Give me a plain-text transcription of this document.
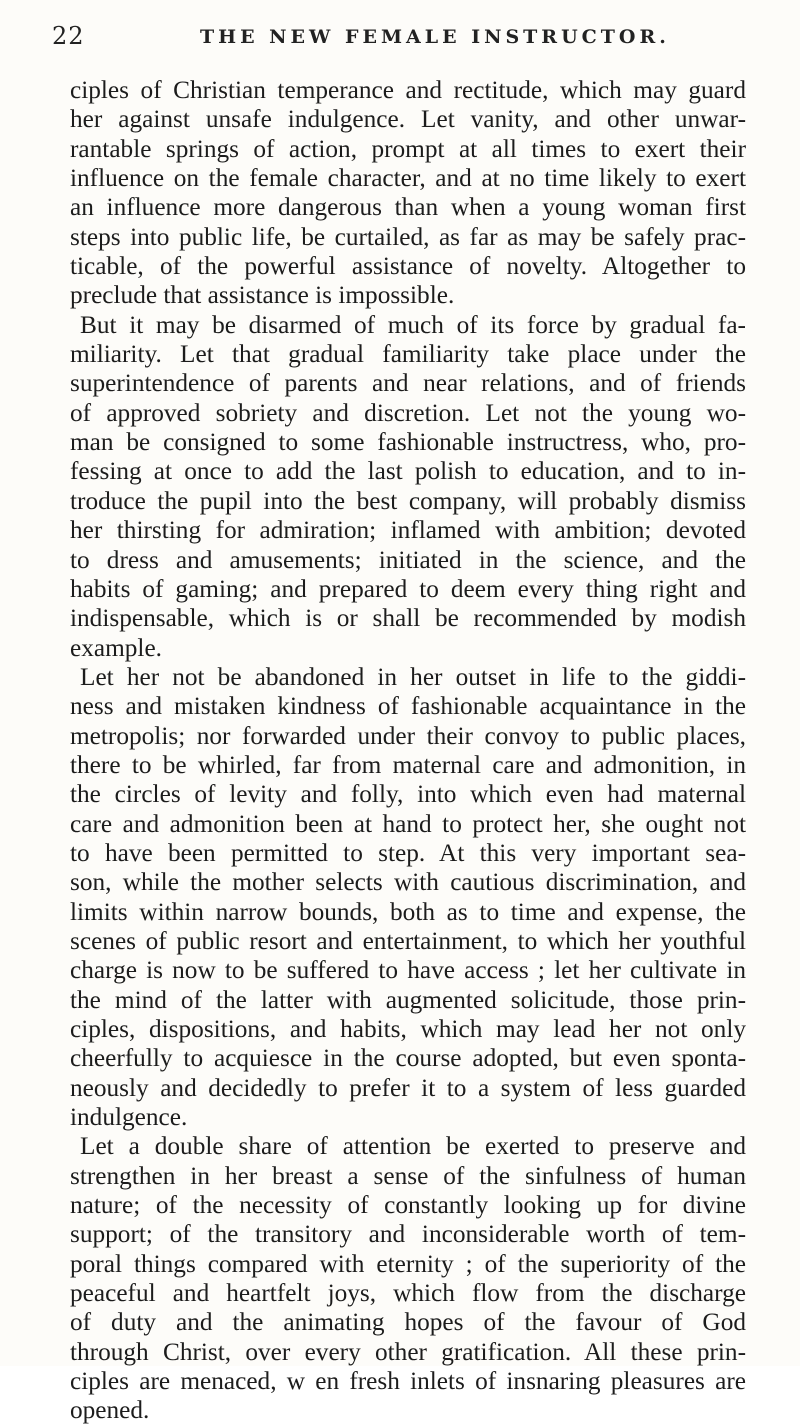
22	THE NEW FEMALE INSTRUCTOR.
ciples of Christian temperance and rectitude, which may guard
her against unsafe indulgence. Let vanity, and other unwar-
rantable springs of action, prompt at all times to exert their
influence on the female character, and at no time likely to exert
an influence more dangerous than when a young woman first
steps into public life, be curtailed, as far as may be safely prac-
ticable, of the powerful assistance of novelty. Altogether to
preclude that assistance is impossible.
But it may be disarmed of much of its force by gradual fa-
miliarity. Let that gradual familiarity take place under the
superintendence of parents and near relations, and of friends
of approved sobriety and discretion. Let not the young wo-
man be consigned to some fashionable instructress, who, pro-
fessing at once to add the last polish to education, and to in-
troduce the pupil into the best company, will probably dismiss
her thirsting for admiration; inflamed with ambition; devoted
to dress and amusements; initiated in the science, and the
habits of gaming; and prepared to deem every thing right and
indispensable, which is or shall be recommended by modish
example.
Let her not be abandoned in her outset in life to the giddi-
ness and mistaken kindness of fashionable acquaintance in the
metropolis; nor forwarded under their convoy to public places,
there to be whirled, far from maternal care and admonition, in
the circles of levity and folly, into which even had maternal
care and admonition been at hand to protect her, she ought not
to have been permitted to step. At this very important sea-
son, while the mother selects with cautious discrimination, and
limits within narrow bounds, both as to time and expense, the
scenes of public resort and entertainment, to which her youthful
charge is now to be suffered to have access ; let her cultivate in
the mind of the latter with augmented solicitude, those prin-
ciples, dispositions, and habits, which may lead her not only
cheerfully to acquiesce in the course adopted, but even sponta-
neously and decidedly to prefer it to a system of less guarded
indulgence.
Let a double share of attention be exerted to preserve and
strengthen in her breast a sense of the sinfulness of human
nature; of the necessity of constantly looking up for divine
support; of the transitory and inconsiderable worth of tem-
poral things compared with eternity ; of the superiority of the
peaceful and heartfelt joys, which flow from the discharge
of duty and the animating hopes of the favour of God
through Christ, over every other gratification. All these prin-
ciples are menaced, w en fresh inlets of insnaring pleasures are
opened.
